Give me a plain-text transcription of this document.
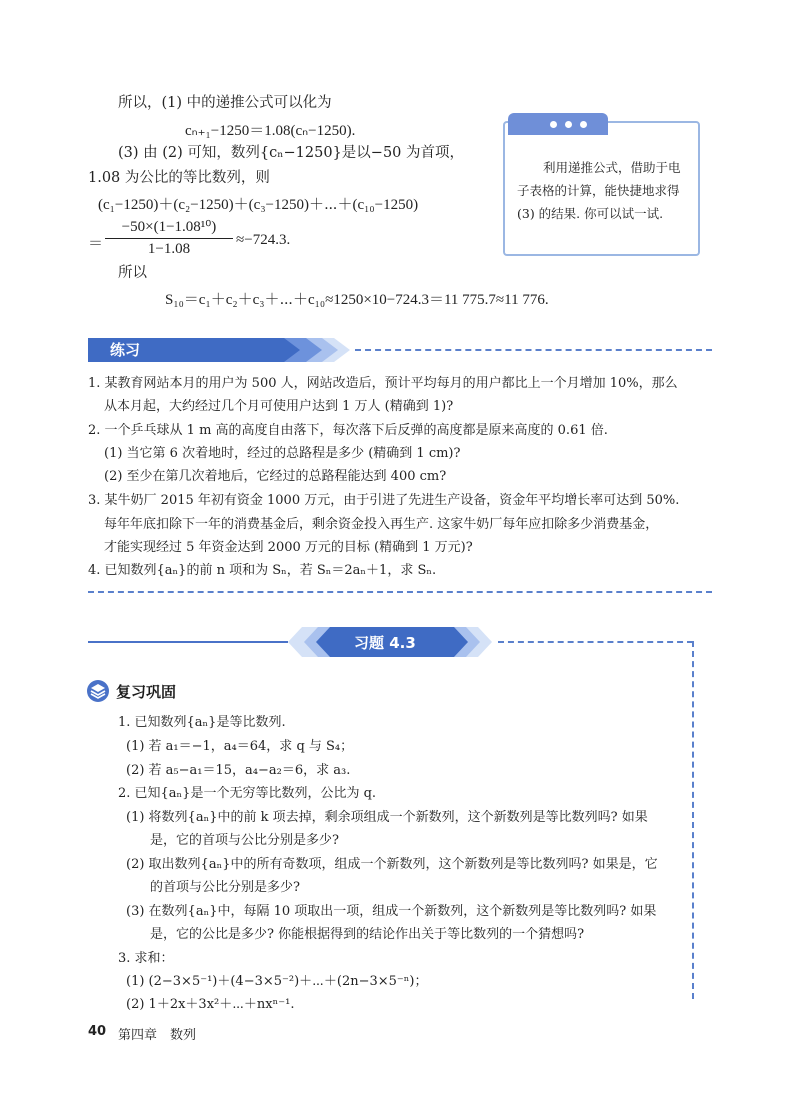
所以，(1) 中的递推公式可以化为
cₙ₊₁−1250＝1.08(cₙ−1250).
(3) 由 (2) 可知，数列{cₙ−1250}是以−50 为首项，
1.08 为公比的等比数列，则
(c₁−1250)＋(c₂−1250)＋(c₃−1250)＋⋯＋(c₁₀−1250)
＝
−50×(1−1.08¹⁰)
1−1.08
≈−724.3.
所以
S₁₀＝c₁＋c₂＋c₃＋⋯＋c₁₀≈1250×10−724.3＝11 775.7≈11 776.
利用递推公式，借助于电子表格的计算，能快捷地求得 (3) 的结果. 你可以试一试.
练习
1. 某教育网站本月的用户为 500 人，网站改造后，预计平均每月的用户都比上一个月增加 10%，那么
从本月起，大约经过几个月可使用户达到 1 万人 (精确到 1)?
2. 一个乒乓球从 1 m 高的高度自由落下，每次落下后反弹的高度都是原来高度的 0.61 倍.
(1) 当它第 6 次着地时，经过的总路程是多少 (精确到 1 cm)?
(2) 至少在第几次着地后，它经过的总路程能达到 400 cm?
3. 某牛奶厂 2015 年初有资金 1000 万元，由于引进了先进生产设备，资金年平均增长率可达到 50%.
每年年底扣除下一年的消费基金后，剩余资金投入再生产. 这家牛奶厂每年应扣除多少消费基金，
才能实现经过 5 年资金达到 2000 万元的目标 (精确到 1 万元)?
4. 已知数列{aₙ}的前 n 项和为 Sₙ，若 Sₙ＝2aₙ＋1，求 Sₙ.
习题 4.3
复习巩固
1. 已知数列{aₙ}是等比数列.
(1) 若 a₁＝−1，a₄＝64，求 q 与 S₄；
(2) 若 a₅−a₁＝15，a₄−a₂＝6，求 a₃.
2. 已知{aₙ}是一个无穷等比数列，公比为 q.
(1) 将数列{aₙ}中的前 k 项去掉，剩余项组成一个新数列，这个新数列是等比数列吗? 如果
是，它的首项与公比分别是多少?
(2) 取出数列{aₙ}中的所有奇数项，组成一个新数列，这个新数列是等比数列吗? 如果是，它
的首项与公比分别是多少?
(3) 在数列{aₙ}中，每隔 10 项取出一项，组成一个新数列，这个新数列是等比数列吗? 如果
是，它的公比是多少? 你能根据得到的结论作出关于等比数列的一个猜想吗?
3. 求和：
(1) (2−3×5⁻¹)＋(4−3×5⁻²)＋⋯＋(2n−3×5⁻ⁿ)；
(2) 1＋2x＋3x²＋⋯＋nxⁿ⁻¹.
40 第四章 数列
